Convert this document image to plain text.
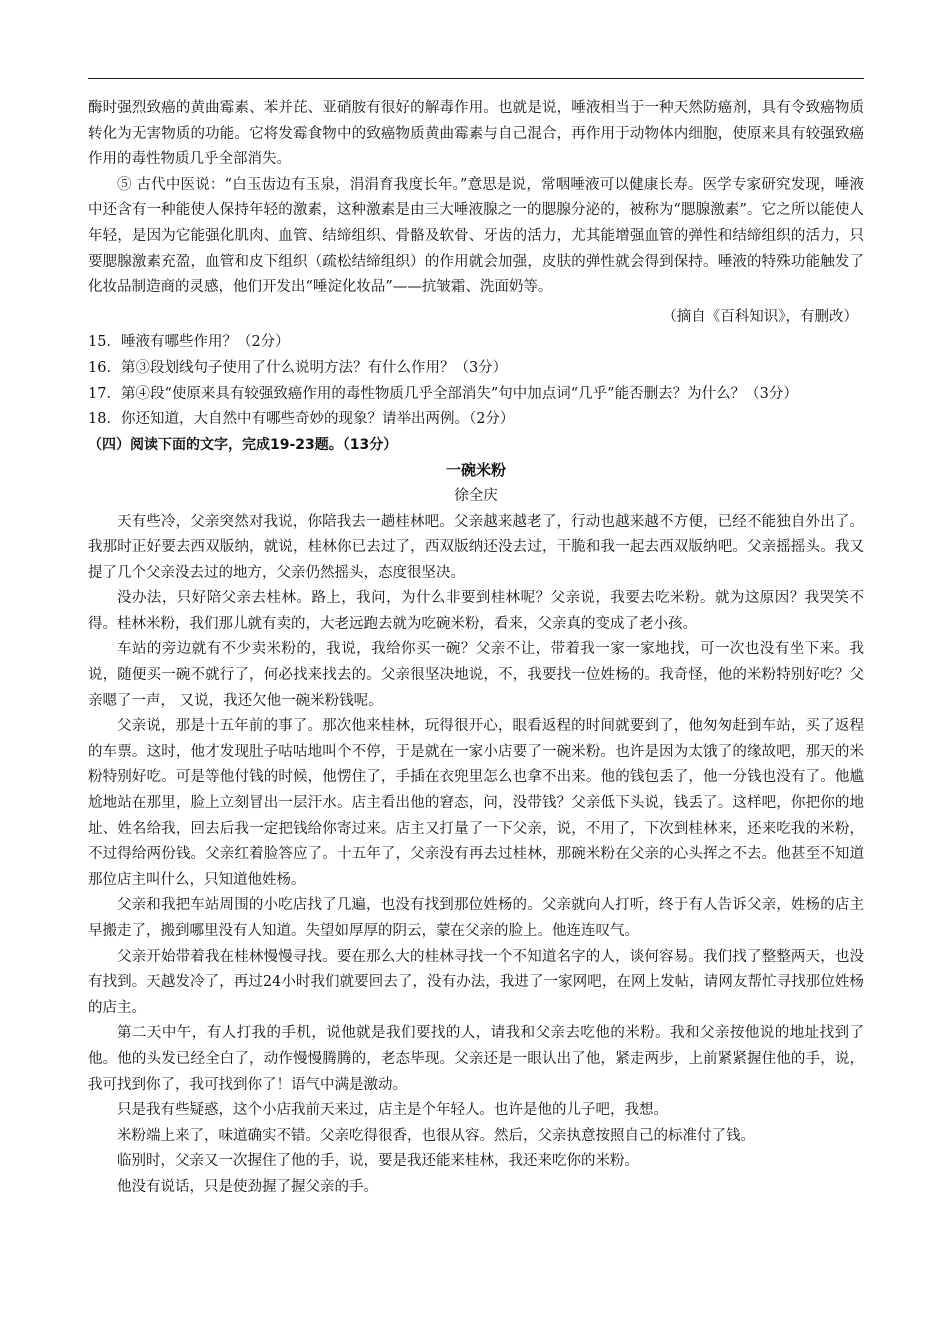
酶时强烈致癌的黄曲霉素、苯并芘、亚硝胺有很好的解毒作用。也就是说，唾液相当于一种天然防癌剂，具有令致癌物质转化为无害物质的功能。它将发霉食物中的致癌物质黄曲霉素与自己混合，再作用于动物体内细胞，使原来具有较强致癌作用的毒性物质几乎全部消失。

⑤ 古代中医说：“白玉齿边有玉泉，涓涓育我度长年。”意思是说，常咽唾液可以健康长寿。医学专家研究发现，唾液中还含有一种能使人保持年轻的激素，这种激素是由三大唾液腺之一的腮腺分泌的，被称为“腮腺激素”。它之所以能使人年轻，是因为它能强化肌肉、血管、结缔组织、骨骼及软骨、牙齿的活力，尤其能增强血管的弹性和结缔组织的活力，只要腮腺激素充盈，血管和皮下组织（疏松结缔组织）的作用就会加强，皮肤的弹性就会得到保持。唾液的特殊功能触发了化妆品制造商的灵感，他们开发出“唾淀化妆品”——抗皱霜、洗面奶等。

（摘自《百科知识》，有删改）

15．唾液有哪些作用？（2分）

16．第③段划线句子使用了什么说明方法？有什么作用？（3分）

17．第④段“使原来具有较强致癌作用的毒性物质几乎全部消失”句中加点词“几乎”能否删去？为什么？（3分）

18．你还知道，大自然中有哪些奇妙的现象？请举出两例。（2分）

（四）阅读下面的文字，完成19-23题。（13分）

一碗米粉

徐全庆

天有些冷，父亲突然对我说，你陪我去一趟桂林吧。父亲越来越老了，行动也越来越不方便，已经不能独自外出了。我那时正好要去西双版纳，就说，桂林你已去过了，西双版纳还没去过，干脆和我一起去西双版纳吧。父亲摇摇头。我又提了几个父亲没去过的地方，父亲仍然摇头，态度很坚决。

没办法，只好陪父亲去桂林。路上，我问，为什么非要到桂林呢？父亲说，我要去吃米粉。就为这原因？我哭笑不得。桂林米粉，我们那儿就有卖的，大老远跑去就为吃碗米粉，看来，父亲真的变成了老小孩。

车站的旁边就有不少卖米粉的，我说，我给你买一碗？父亲不让，带着我一家一家地找，可一次也没有坐下来。我说，随便买一碗不就行了，何必找来找去的。父亲很坚决地说，不，我要找一位姓杨的。我奇怪，他的米粉特别好吃？父亲嗯了一声， 又说，我还欠他一碗米粉钱呢。

父亲说，那是十五年前的事了。那次他来桂林，玩得很开心，眼看返程的时间就要到了，他匆匆赶到车站，买了返程的车票。这时，他才发现肚子咕咕地叫个不停，于是就在一家小店要了一碗米粉。也许是因为太饿了的缘故吧，那天的米粉特别好吃。可是等他付钱的时候，他愣住了，手插在衣兜里怎么也拿不出来。他的钱包丢了，他一分钱也没有了。他尴尬地站在那里，脸上立刻冒出一层汗水。店主看出他的窘态，问，没带钱？父亲低下头说，钱丢了。这样吧，你把你的地址、姓名给我，回去后我一定把钱给你寄过来。店主又打量了一下父亲，说，不用了，下次到桂林来，还来吃我的米粉，不过得给两份钱。父亲红着脸答应了。十五年了，父亲没有再去过桂林，那碗米粉在父亲的心头挥之不去。他甚至不知道那位店主叫什么，只知道他姓杨。

父亲和我把车站周围的小吃店找了几遍，也没有找到那位姓杨的。父亲就向人打听，终于有人告诉父亲，姓杨的店主早搬走了，搬到哪里没有人知道。失望如厚厚的阴云，蒙在父亲的脸上。他连连叹气。

父亲开始带着我在桂林慢慢寻找。要在那么大的桂林寻找一个不知道名字的人，谈何容易。我们找了整整两天，也没有找到。天越发冷了，再过24小时我们就要回去了，没有办法，我进了一家网吧，在网上发帖，请网友帮忙寻找那位姓杨的店主。

第二天中午，有人打我的手机，说他就是我们要找的人，请我和父亲去吃他的米粉。我和父亲按他说的地址找到了他。他的头发已经全白了，动作慢慢腾腾的，老态毕现。父亲还是一眼认出了他，紧走两步，上前紧紧握住他的手，说，我可找到你了，我可找到你了！语气中满是激动。

只是我有些疑惑，这个小店我前天来过，店主是个年轻人。也许是他的儿子吧，我想。

米粉端上来了，味道确实不错。父亲吃得很香，也很从容。然后，父亲执意按照自己的标准付了钱。

临别时，父亲又一次握住了他的手，说，要是我还能来桂林，我还来吃你的米粉。

他没有说话，只是使劲握了握父亲的手。
